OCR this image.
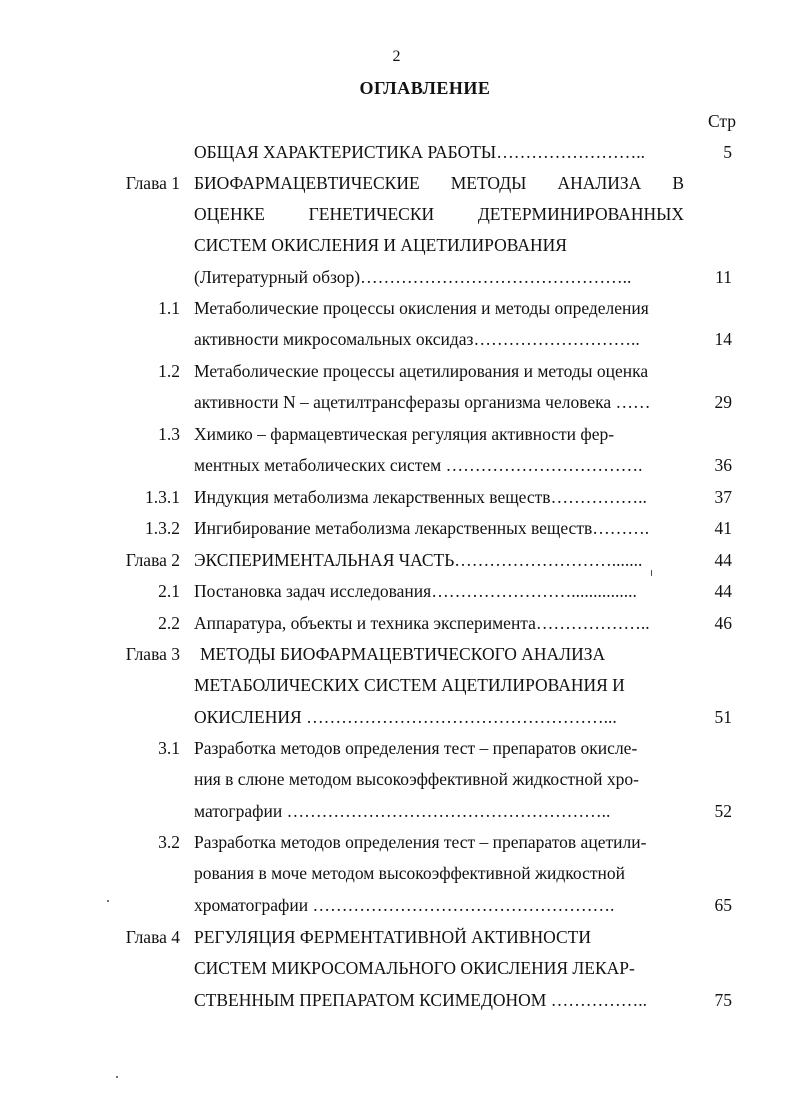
2
ОГЛАВЛЕНИЕ
Стр
ОБЩАЯ ХАРАКТЕРИСТИКА РАБОТЫ……………………..	5
Глава 1 БИОФАРМАЦЕВТИЧЕСКИЕ МЕТОДЫ АНАЛИЗА В
ОЦЕНКЕ ГЕНЕТИЧЕСКИ ДЕТЕРМИНИРОВАННЫХ
СИСТЕМ ОКИСЛЕНИЯ И АЦЕТИЛИРОВАНИЯ
(Литературный обзор)………………………………………..	11
1.1 Метаболические процессы окисления и методы определения
активности микросомальных оксидаз………………………..	14
1.2 Метаболические процессы ацетилирования и методы оценка
активности N – ацетилтрансферазы организма человека ……	29
1.3 Химико – фармацевтическая регуляция активности фер-
ментных метаболических систем …………………………….	36
1.3.1 Индукция метаболизма лекарственных веществ……………..	37
1.3.2 Ингибирование метаболизма лекарственных веществ……….	41
Глава 2 ЭКСПЕРИМЕНТАЛЬНАЯ ЧАСТЬ……………………….......	44
2.1 Постановка задач исследования……………………...............	44
2.2 Аппаратура, объекты и техника эксперимента………………..	46
Глава 3 МЕТОДЫ БИОФАРМАЦЕВТИЧЕСКОГО АНАЛИЗА
МЕТАБОЛИЧЕСКИХ СИСТЕМ АЦЕТИЛИРОВАНИЯ И
ОКИСЛЕНИЯ ……………………………………………...	51
3.1 Разработка методов определения тест – препаратов окисле-
ния в слюне методом высокоэффективной жидкостной хро-
матографии ………………………………………………..	52
3.2 Разработка методов определения тест – препаратов ацетили-
рования в моче методом высокоэффективной жидкостной
хроматографии …………………………………………….	65
Глава 4 РЕГУЛЯЦИЯ ФЕРМЕНТАТИВНОЙ АКТИВНОСТИ
СИСТЕМ МИКРОСОМАЛЬНОГО ОКИСЛЕНИЯ ЛЕКАР-
СТВЕННЫМ ПРЕПАРАТОМ КСИМЕДОНОМ ……………..	75
